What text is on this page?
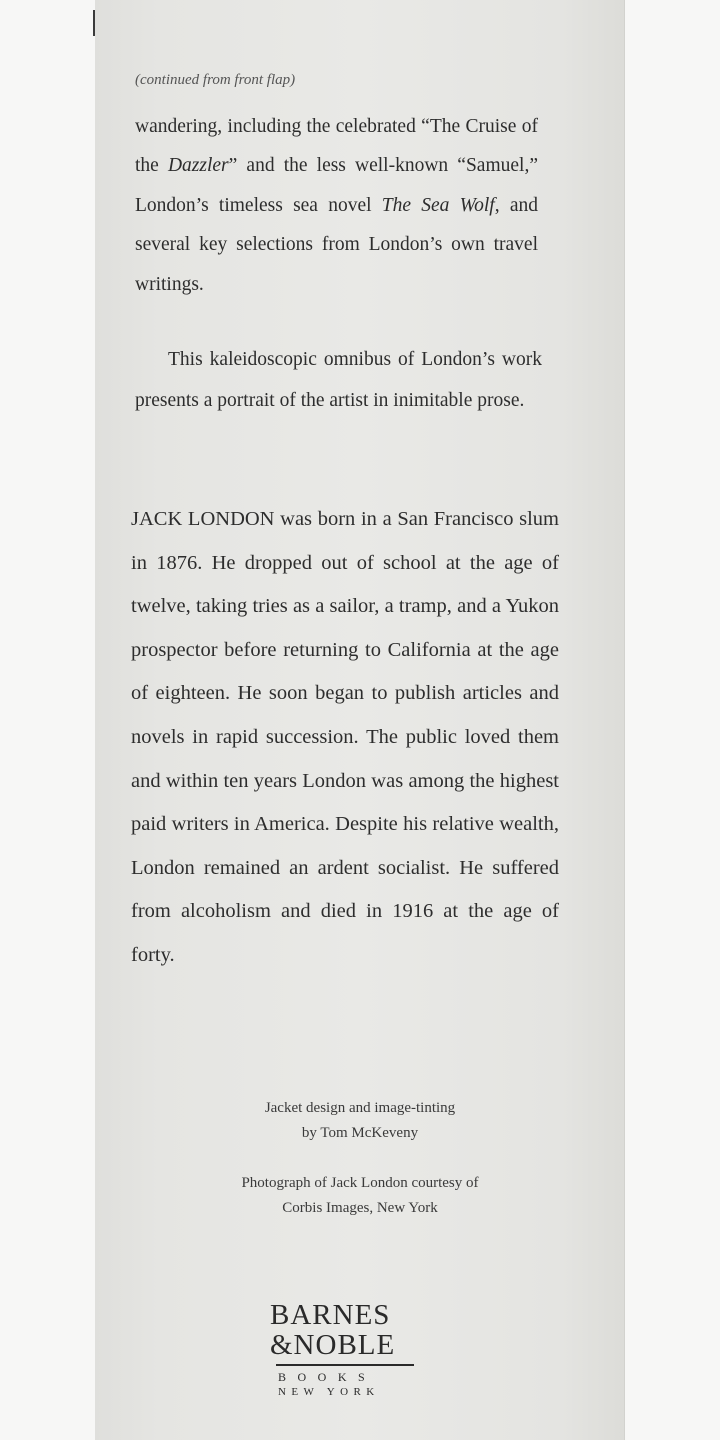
(continued from front flap)

wandering, including the celebrated “The Cruise of the Dazzler” and the less well-known “Samuel,” London’s timeless sea novel The Sea Wolf, and several key selections from London’s own travel writings.

This kaleidoscopic omnibus of London’s work presents a portrait of the artist in inimitable prose.

JACK LONDON was born in a San Francisco slum in 1876. He dropped out of school at the age of twelve, taking tries as a sailor, a tramp, and a Yukon prospector before returning to California at the age of eighteen. He soon began to publish articles and novels in rapid succession. The public loved them and within ten years London was among the highest paid writers in America. Despite his relative wealth, London remained an ardent socialist. He suffered from alcoholism and died in 1916 at the age of forty.

Jacket design and image-tinting
by Tom McKeveny

Photograph of Jack London courtesy of
Corbis Images, New York

BARNES
&NOBLE
BOOKS
NEW YORK
